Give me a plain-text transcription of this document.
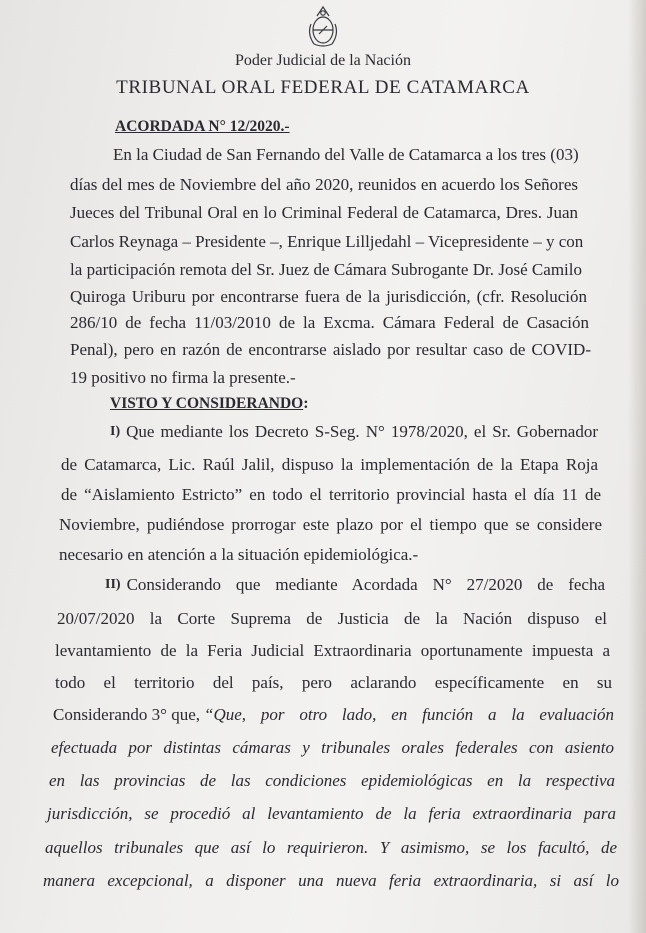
Poder Judicial de la Nación
TRIBUNAL ORAL FEDERAL DE CATAMARCA
ACORDADA N° 12/2020.-
En la Ciudad de San Fernando del Valle de Catamarca a los tres (03)
días del mes de Noviembre del año 2020, reunidos en acuerdo los Señores
Jueces del Tribunal Oral en lo Criminal Federal de Catamarca, Dres. Juan
Carlos Reynaga – Presidente –, Enrique Lilljedahl – Vicepresidente – y con
la participación remota del Sr. Juez de Cámara Subrogante Dr. José Camilo
Quiroga Uriburu por encontrarse fuera de la jurisdicción, (cfr. Resolución
286/10 de fecha 11/03/2010 de la Excma. Cámara Federal de Casación
Penal), pero en razón de encontrarse aislado por resultar caso de COVID-
19 positivo no firma la presente.-
VISTO Y CONSIDERANDO:
I) Que mediante los Decreto S-Seg. N° 1978/2020, el Sr. Gobernador
de Catamarca, Lic. Raúl Jalil, dispuso la implementación de la Etapa Roja
de “Aislamiento Estricto” en todo el territorio provincial hasta el día 11 de
Noviembre, pudiéndose prorrogar este plazo por el tiempo que se considere
necesario en atención a la situación epidemiológica.-
II) Considerando que mediante Acordada N° 27/2020 de fecha
20/07/2020 la Corte Suprema de Justicia de la Nación dispuso el
levantamiento de la Feria Judicial Extraordinaria oportunamente impuesta a
todo el territorio del país, pero aclarando específicamente en su
Considerando 3° que, “Que, por otro lado, en función a la evaluación
efectuada por distintas cámaras y tribunales orales federales con asiento
en las provincias de las condiciones epidemiológicas en la respectiva
jurisdicción, se procedió al levantamiento de la feria extraordinaria para
aquellos tribunales que así lo requirieron. Y asimismo, se los facultó, de
manera excepcional, a disponer una nueva feria extraordinaria, si así lo
